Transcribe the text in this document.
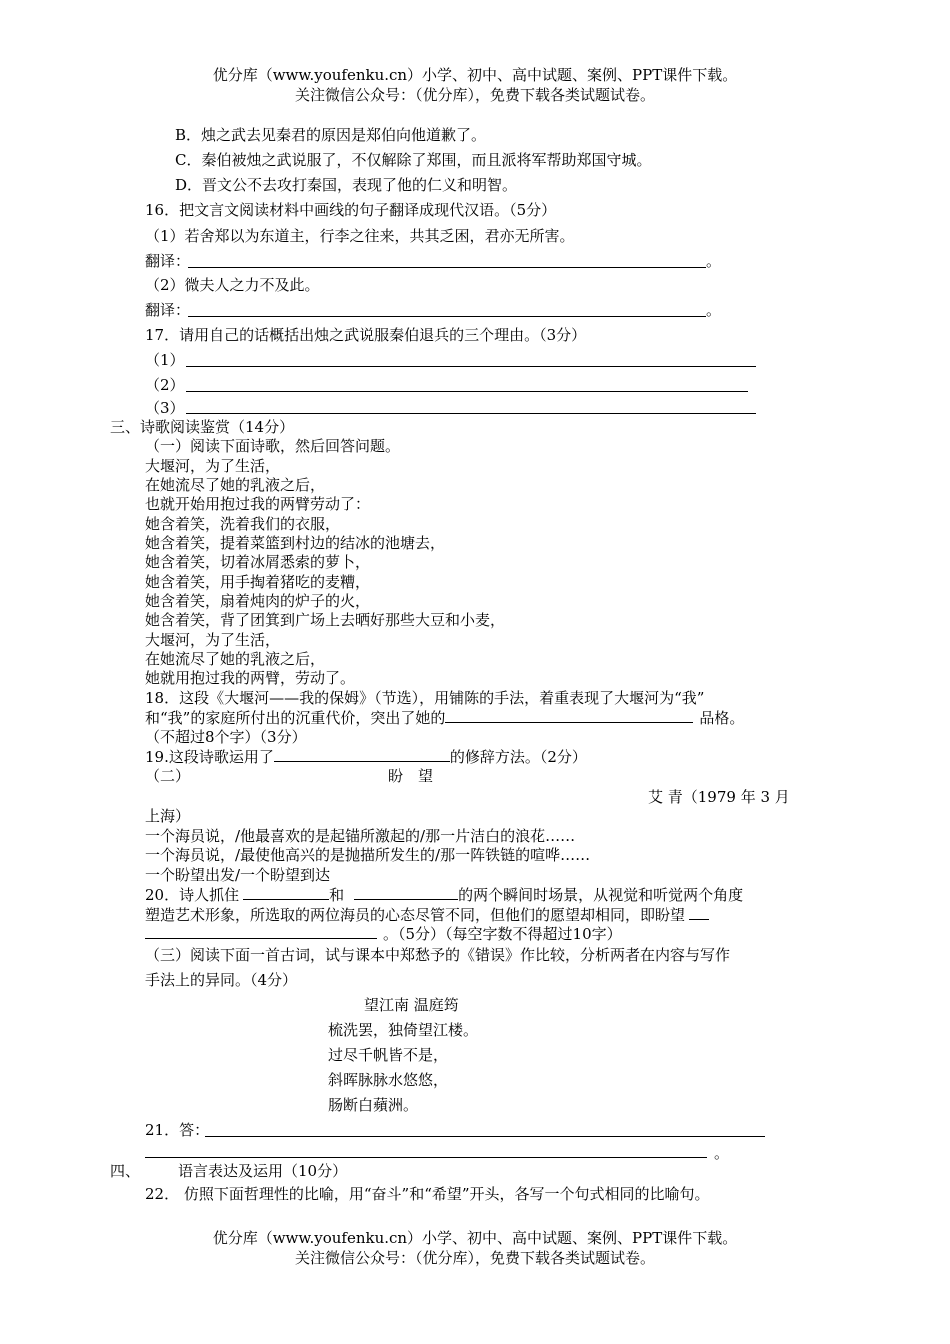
优分库（www.youfenku.cn）小学、初中、高中试题、案例、PPT课件下载。
关注微信公众号：（优分库），免费下载各类试题试卷。
B．烛之武去见秦君的原因是郑伯向他道歉了。
C．秦伯被烛之武说服了，不仅解除了郑围，而且派将军帮助郑国守城。
D．晋文公不去攻打秦国，表现了他的仁义和明智。
16．把文言文阅读材料中画线的句子翻译成现代汉语。（5分）
（1）若舍郑以为东道主，行李之往来，共其乏困，君亦无所害。
翻译：	。
（2）微夫人之力不及此。
翻译：	。
17．请用自己的话概括出烛之武说服秦伯退兵的三个理由。（3分）
（1）
（2）
（3）
三、诗歌阅读鉴赏（14分）
（一）阅读下面诗歌，然后回答问题。
大堰河，为了生活，
在她流尽了她的乳液之后，
也就开始用抱过我的两臂劳动了：
她含着笑，洗着我们的衣服，
她含着笑，提着菜篮到村边的结冰的池塘去，
她含着笑，切着冰屑悉索的萝卜，
她含着笑，用手掏着猪吃的麦糟，
她含着笑，扇着炖肉的炉子的火，
她含着笑，背了团箕到广场上去晒好那些大豆和小麦，
大堰河，为了生活，
在她流尽了她的乳液之后，
她就用抱过我的两臂，劳动了。
18．这段《大堰河——我的保姆》（节选），用铺陈的手法，着重表现了大堰河为“我”
和“我”的家庭所付出的沉重代价，突出了她的	品格。
（不超过8个字）（3分）
19.这段诗歌运用了	的修辞方法。（2分）
（二）	盼　望
艾 青（1979 年 3 月
上海）
一个海员说，/他最喜欢的是起锚所激起的/那一片洁白的浪花……
一个海员说，/最使他高兴的是抛描所发生的/那一阵铁链的喧哗……
一个盼望出发/一个盼望到达
20．诗人抓住	和	的两个瞬间时场景，从视觉和听觉两个角度
塑造艺术形象，所选取的两位海员的心态尽管不同，但他们的愿望却相同，即盼望
。（5分）（每空字数不得超过10字）
（三）阅读下面一首古词，试与课本中郑愁予的《错误》作比较，分析两者在内容与写作
手法上的异同。（4分）
望江南 温庭筠
梳洗罢，独倚望江楼。
过尽千帆皆不是，
斜晖脉脉水悠悠，
肠断白蘋洲。
21．答：
。
四、	语言表达及运用（10分）
22． 仿照下面哲理性的比喻，用“奋斗”和“希望”开头，各写一个句式相同的比喻句。
优分库（www.youfenku.cn）小学、初中、高中试题、案例、PPT课件下载。
关注微信公众号：（优分库），免费下载各类试题试卷。
